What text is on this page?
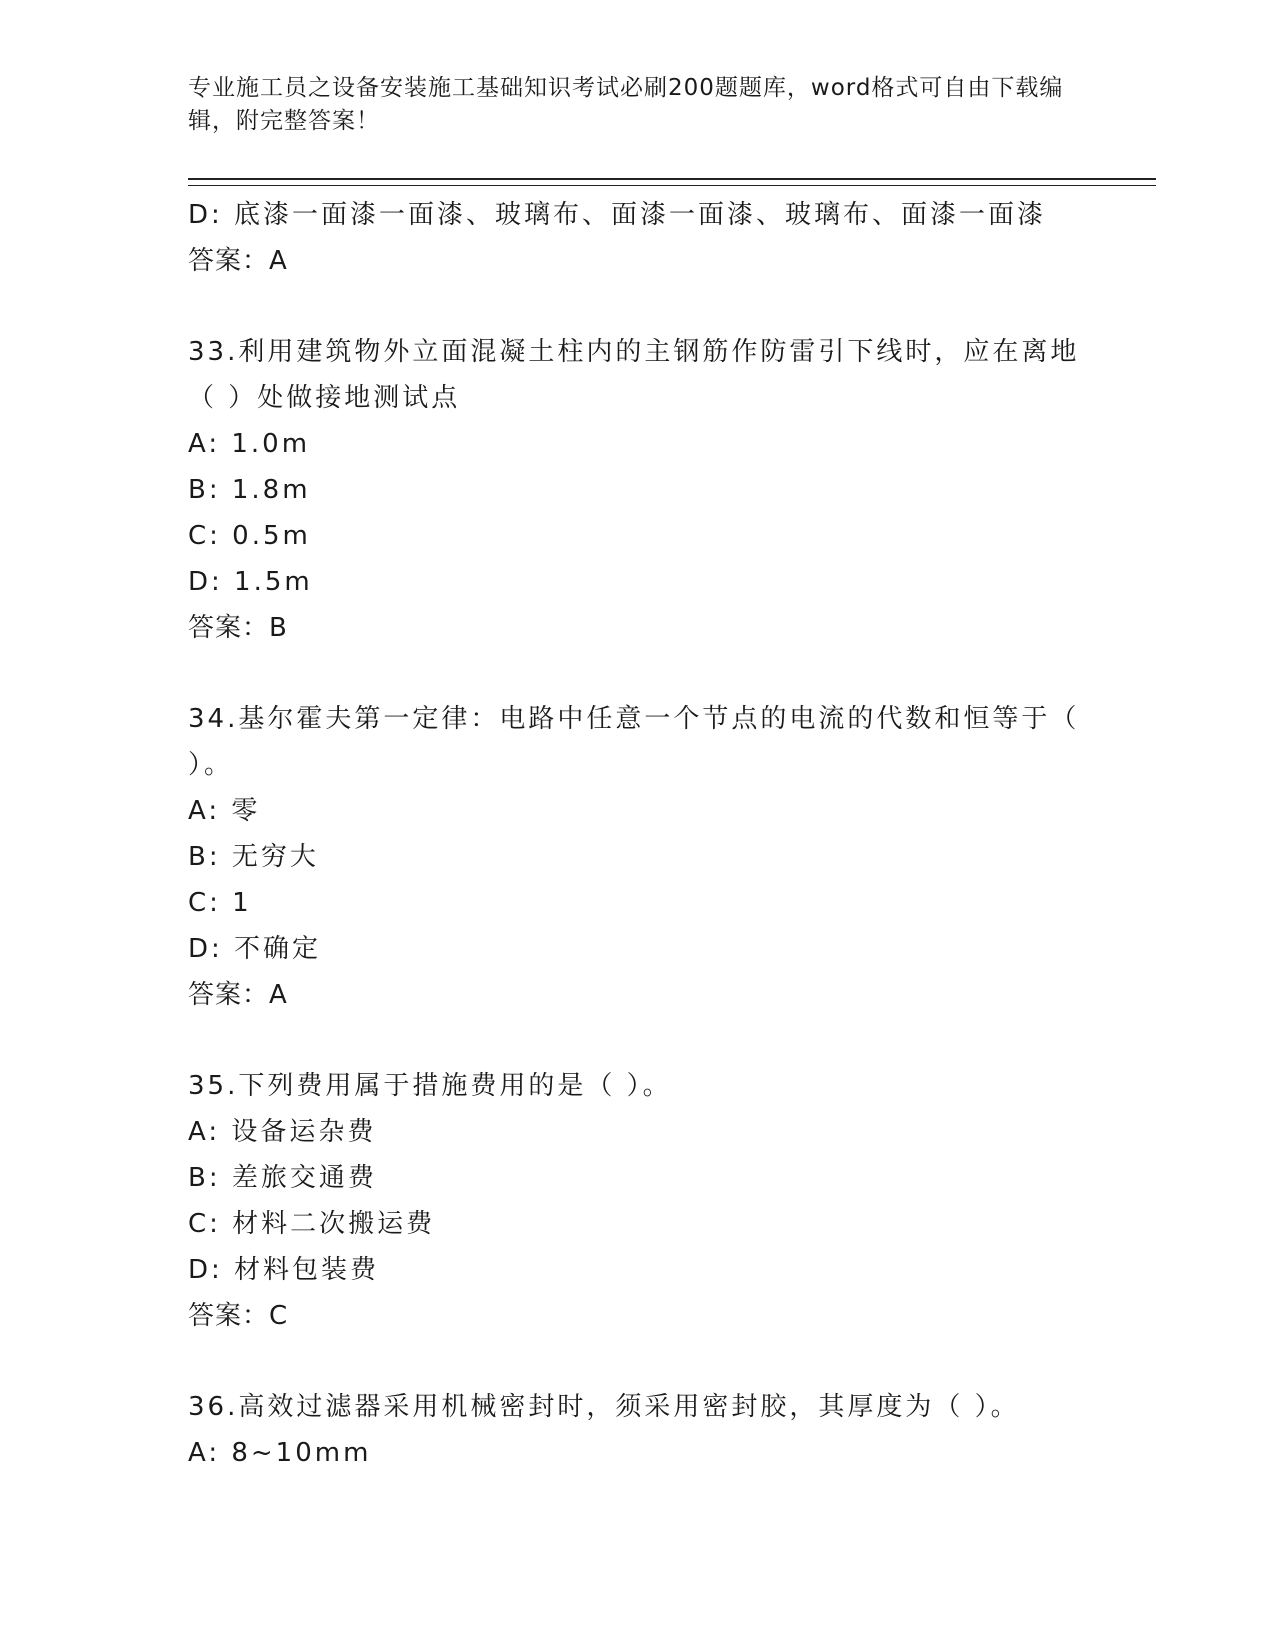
专业施工员之设备安装施工基础知识考试必刷200题题库，word格式可自由下载编辑，附完整答案！
D: 底漆一面漆一面漆、玻璃布、面漆一面漆、玻璃布、面漆一面漆
答案：A
33.利用建筑物外立面混凝土柱内的主钢筋作防雷引下线时，应在离地
（ ）处做接地测试点
A: 1.0m
B: 1.8m
C: 0.5m
D: 1.5m
答案：B
34.基尔霍夫第一定律：电路中任意一个节点的电流的代数和恒等于（
）。
A: 零
B: 无穷大
C: 1
D: 不确定
答案：A
35.下列费用属于措施费用的是（ ）。
A: 设备运杂费
B: 差旅交通费
C: 材料二次搬运费
D: 材料包装费
答案：C
36.高效过滤器采用机械密封时，须采用密封胶，其厚度为（ ）。
A: 8~10mm
